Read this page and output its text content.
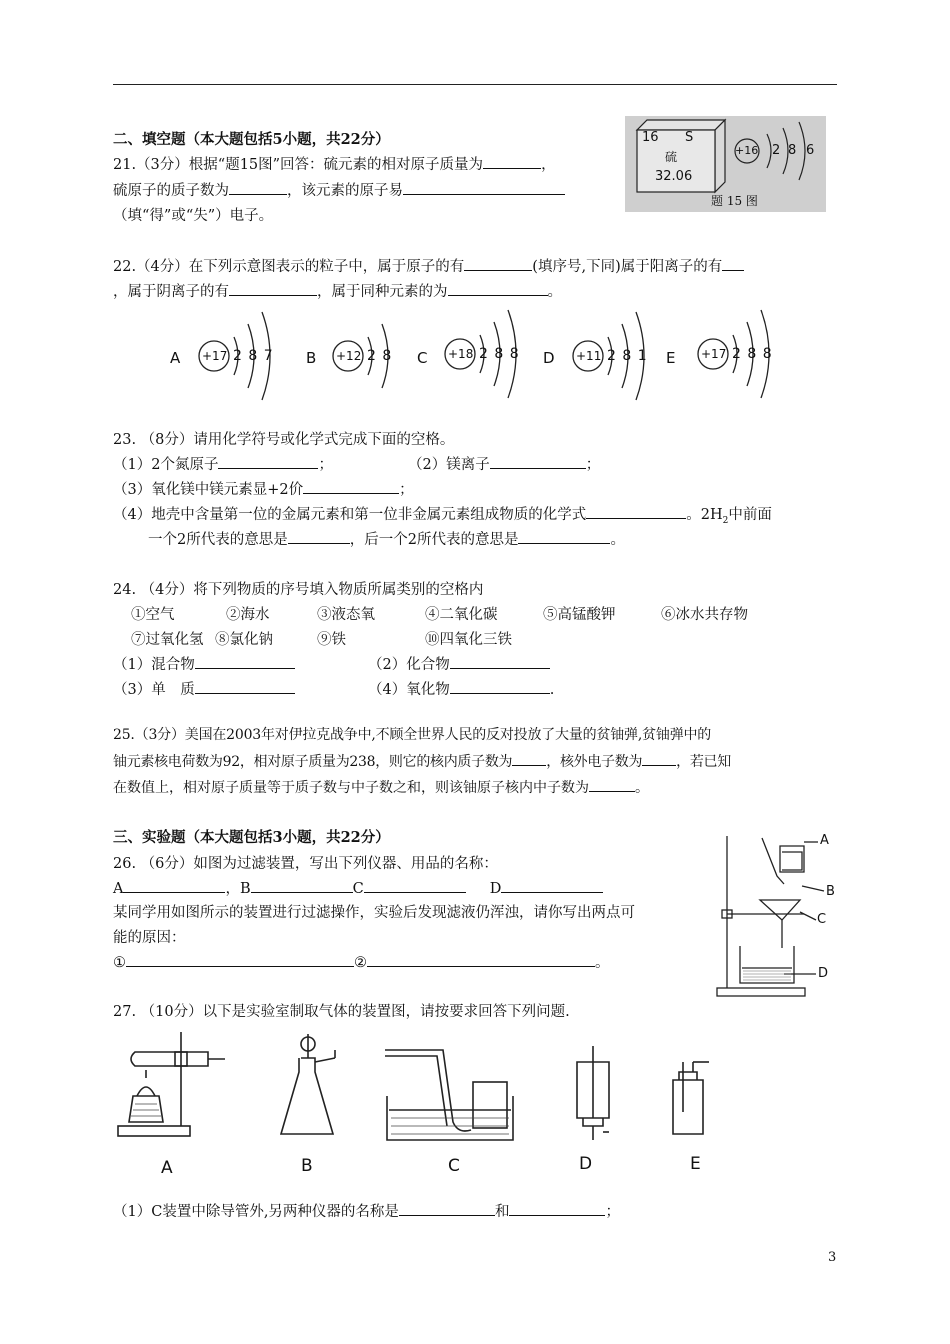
二、填空题（本大题包括5小题，共22分）
21.（3分）根据“题15图”回答：硫元素的相对原子质量为	，
硫原子的质子数为	，该元素的原子易
（填“得”或“失”）电子。
16 S
硫
32.06
+16 2 8 6
题 15 图
22.（4分）在下列示意图表示的粒子中，属于原子的有	(填序号,下同)属于阳离子的有
，属于阴离子的有	，属于同种元素的为	。
A +17 2 8 7 B +12 2 8 C +18 2 8 8 D +11 2 8 1 E +17 2 8 8
23. （8分）请用化学符号或化学式完成下面的空格。
（1）2个氮原子	；	（2）镁离子	；
（3）氧化镁中镁元素显+2价	；
（4）地壳中含量第一位的金属元素和第一位非金属元素组成物质的化学式	。$2H_2$中前面
一个2所代表的意思是	，后一个2所代表的意思是	。
24. （4分）将下列物质的序号填入物质所属类别的空格内
①空气	②海水	③液态氧	④二氧化碳	⑤高锰酸钾	⑥冰水共存物
⑦过氧化氢 ⑧氯化钠	⑨铁	⑩四氧化三铁
（1）混合物	（2）化合物
（3）单　质	（4）氧化物	.
25.（3分）美国在2003年对伊拉克战争中,不顾全世界人民的反对投放了大量的贫铀弹,贫铀弹中的
铀元素核电荷数为92，相对原子质量为238，则它的核内质子数为 ，核外电子数为 ，若已知
在数值上，相对原子质量等于质子数与中子数之和，则该铀原子核内中子数为	。
三、实验题（本大题包括3小题，共22分）
26. （6分）如图为过滤装置，写出下列仪器、用品的名称：
A	，B	C	D
某同学用如图所示的装置进行过滤操作，实验后发现滤液仍浑浊，请你写出两点可
能的原因：
①	②	。
A
B
C
D
27. （10分）以下是实验室制取气体的装置图，请按要求回答下列问题.
A	B	C	D	E
（1）C装置中除导管外,另两种仪器的名称是	和	；
3
